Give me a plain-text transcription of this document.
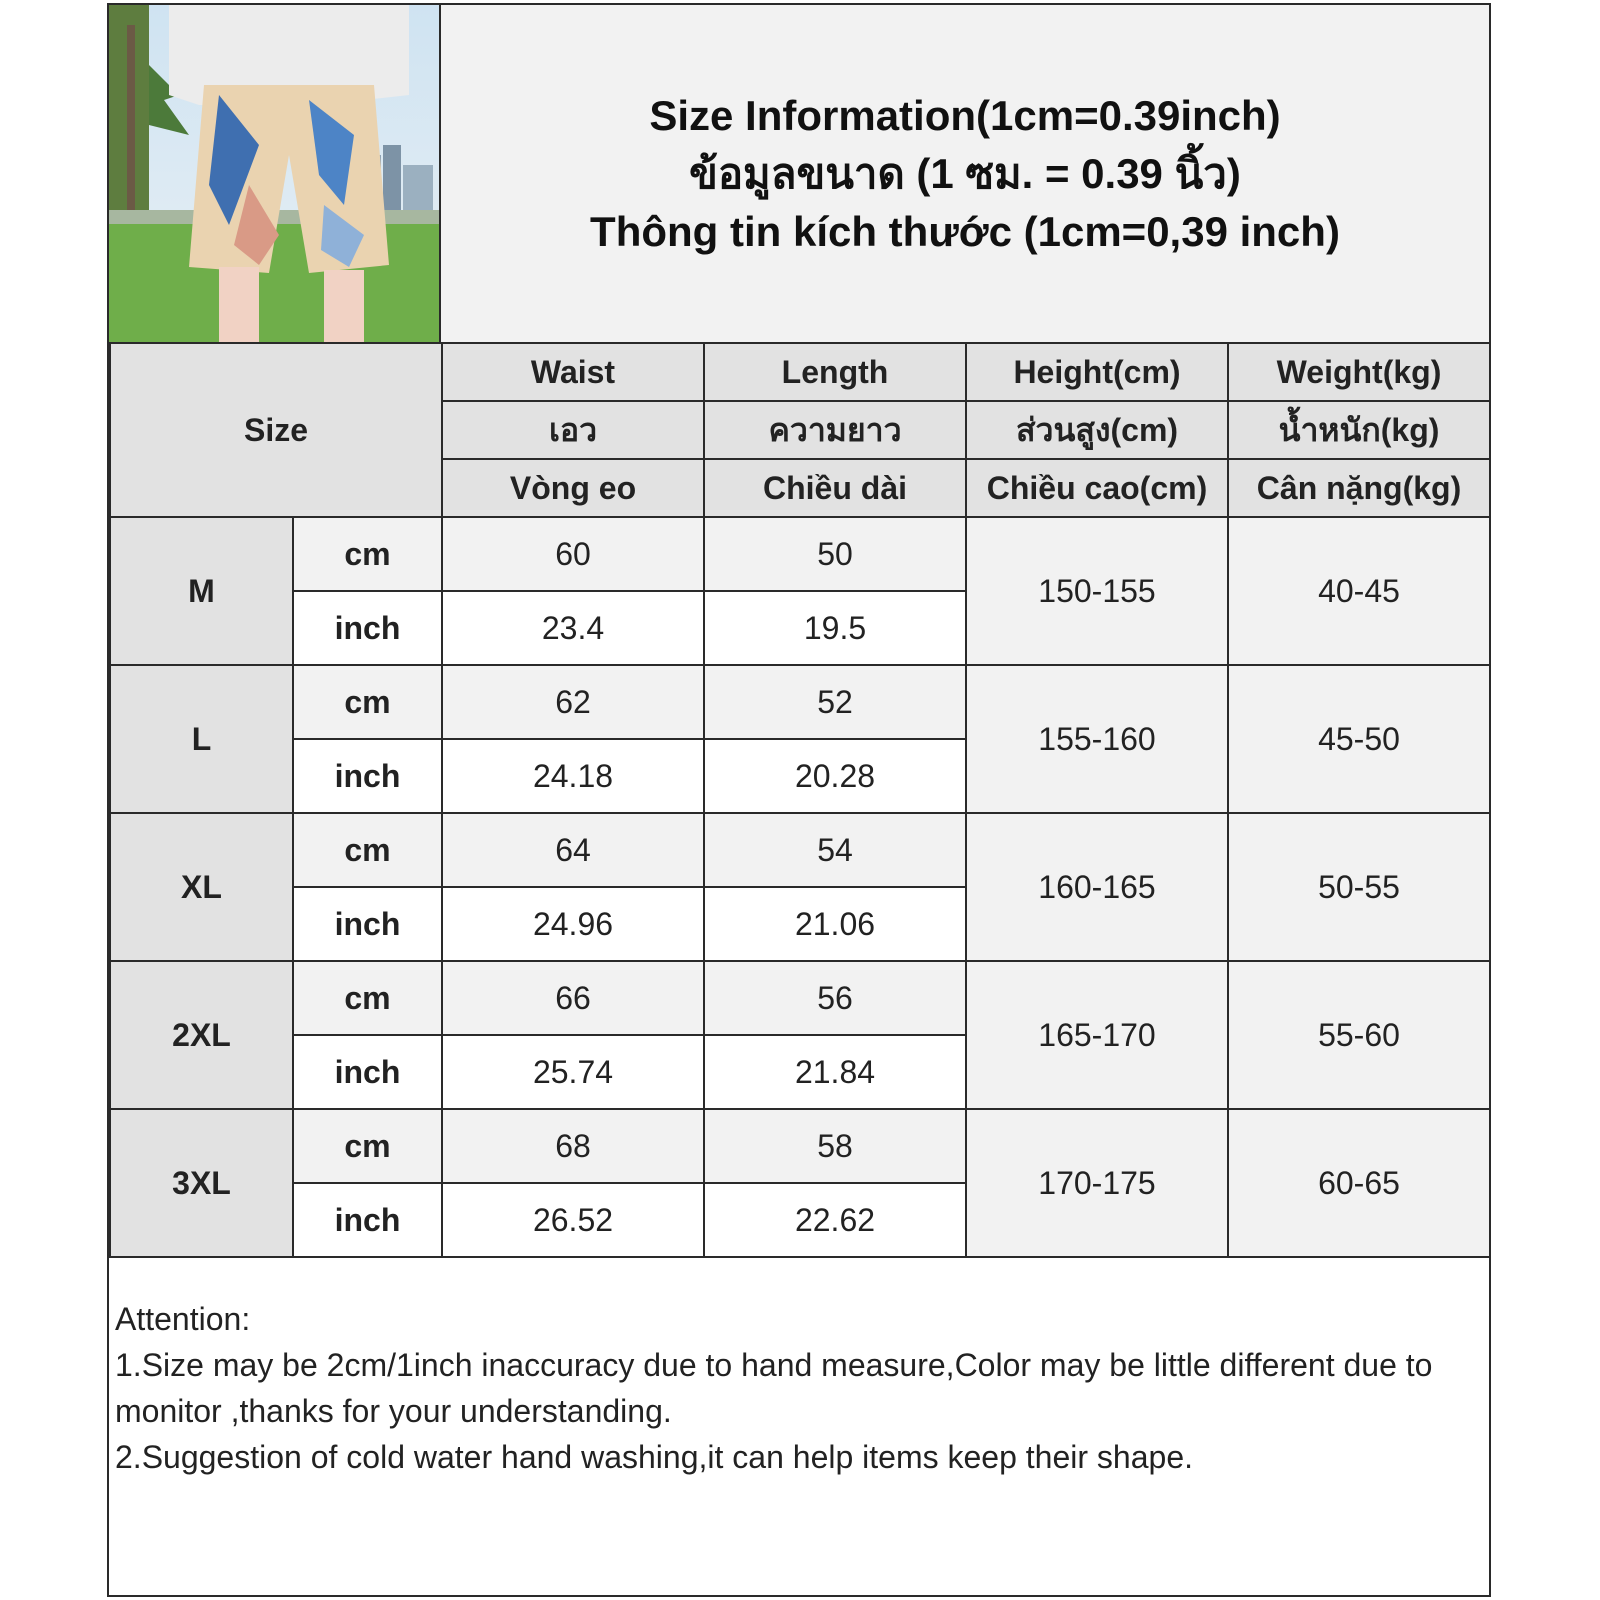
Size Information(1cm=0.39inch)
ข้อมูลขนาด (1 ซม. = 0.39 นิ้ว)
Thông tin kích thước (1cm=0,39 inch)
Size		Waist	Length	Height(cm)	Weight(kg)
		เอว	ความยาว	ส่วนสูง(cm)	น้ำหนัก(kg)
		Vòng eo	Chiều dài	Chiều cao(cm)	Cân nặng(kg)
M	cm	60	50	150-155	40-45
	inch	23.4	19.5		
L	cm	62	52	155-160	45-50
	inch	24.18	20.28		
XL	cm	64	54	160-165	50-55
	inch	24.96	21.06		
2XL	cm	66	56	165-170	55-60
	inch	25.74	21.84		
3XL	cm	68	58	170-175	60-65
	inch	26.52	22.62		

Attention:

1.Size may be 2cm/1inch inaccuracy due to hand measure,Color may be little different due to monitor ,thanks for your understanding.

2.Suggestion of cold water hand washing,it can help items keep their shape.
